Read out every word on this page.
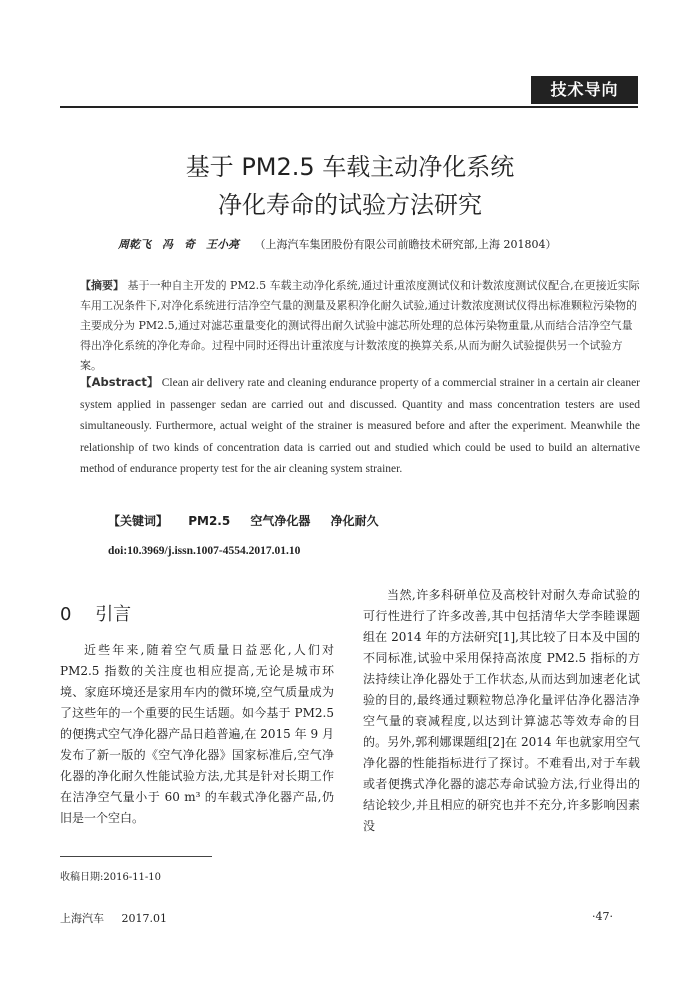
技术导向
基于 PM2.5 车载主动净化系统
净化寿命的试验方法研究
周乾飞　冯　奇　王小亮 （上海汽车集团股份有限公司前瞻技术研究部,上海 201804）
【摘要】 基于一种自主开发的 PM2.5 车载主动净化系统,通过计重浓度测试仪和计数浓度测试仪配合,在更接近实际车用工况条件下,对净化系统进行洁净空气量的测量及累积净化耐久试验,通过计数浓度测试仪得出标准颗粒污染物的主要成分为 PM2.5,通过对滤芯重量变化的测试得出耐久试验中滤芯所处理的总体污染物重量,从而结合洁净空气量得出净化系统的净化寿命。过程中同时还得出计重浓度与计数浓度的换算关系,从而为耐久试验提供另一个试验方案。
【Abstract】 Clean air delivery rate and cleaning endurance property of a commercial strainer in a certain air cleaner system applied in passenger sedan are carried out and discussed. Quantity and mass concentration testers are used simultaneously. Furthermore, actual weight of the strainer is measured before and after the experiment. Meanwhile the relationship of two kinds of concentration data is carried out and studied which could be used to build an alternative method of endurance property test for the air cleaning system strainer.
【关键词】 PM2.5 空气净化器 净化耐久
doi:10.3969/j.issn.1007-4554.2017.01.10
0 引言

近些年来,随着空气质量日益恶化,人们对 PM2.5 指数的关注度也相应提高,无论是城市环境、家庭环境还是家用车内的微环境,空气质量成为了这些年的一个重要的民生话题。如今基于 PM2.5 的便携式空气净化器产品日趋普遍,在 2015 年 9 月发布了新一版的《空气净化器》国家标准后,空气净化器的净化耐久性能试验方法,尤其是针对长期工作在洁净空气量小于 60 m³ 的车载式净化器产品,仍旧是一个空白。

当然,许多科研单位及高校针对耐久寿命试验的可行性进行了许多改善,其中包括清华大学李睦课题组在 2014 年的方法研究[1],其比较了日本及中国的不同标准,试验中采用保持高浓度 PM2.5 指标的方法持续让净化器处于工作状态,从而达到加速老化试验的目的,最终通过颗粒物总净化量评估净化器洁净空气量的衰减程度,以达到计算滤芯等效寿命的目的。另外,郭利娜课题组[2]在 2014 年也就家用空气净化器的性能指标进行了探讨。不难看出,对于车载或者便携式净化器的滤芯寿命试验方法,行业得出的结论较少,并且相应的研究也并不充分,许多影响因素没

收稿日期:2016-11-10
上海汽车 2017.01	·47·
